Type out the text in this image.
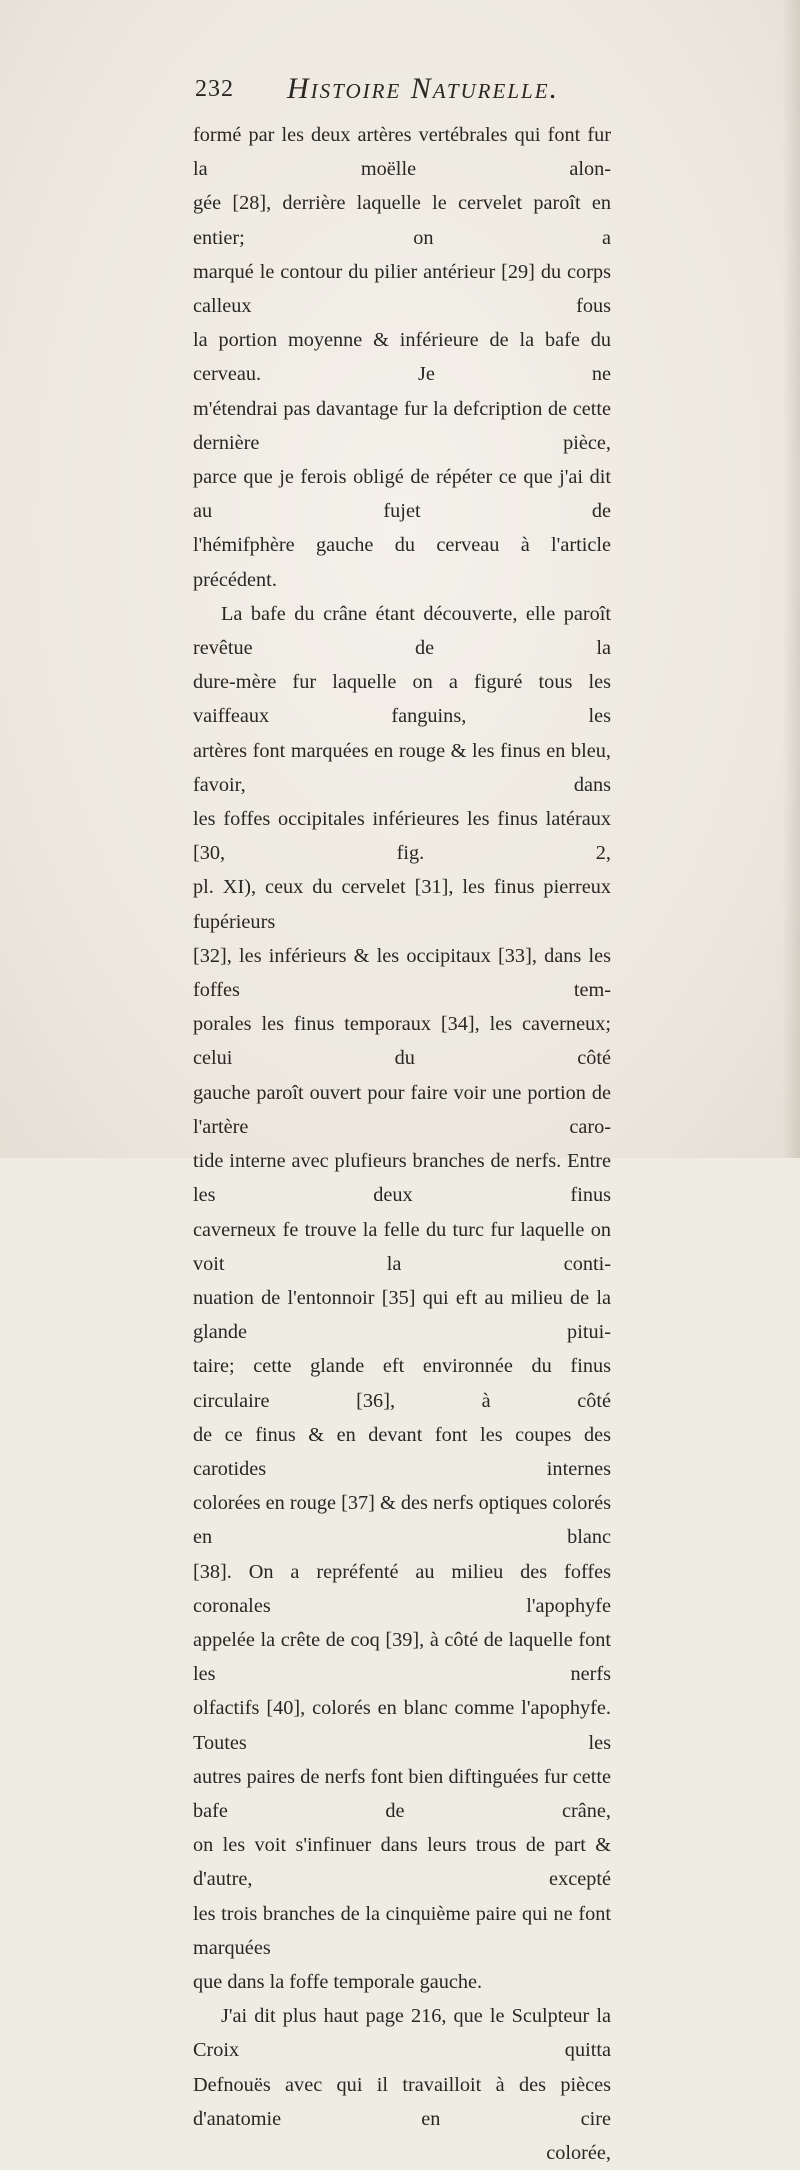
232 Histoire Naturelle.

formé par les deux artères vertébrales qui font fur la moëlle alon-

gée [28], derrière laquelle le cervelet paroît en entier; on a

marqué le contour du pilier antérieur [29] du corps calleux fous

la portion moyenne & inférieure de la bafe du cerveau. Je ne

m'étendrai pas davantage fur la defcription de cette dernière pièce,

parce que je ferois obligé de répéter ce que j'ai dit au fujet de

l'hémifphère gauche du cerveau à l'article précédent.

La bafe du crâne étant découverte, elle paroît revêtue de la

dure-mère fur laquelle on a figuré tous les vaiffeaux fanguins, les

artères font marquées en rouge & les finus en bleu, favoir, dans

les foffes occipitales inférieures les finus latéraux [30, fig. 2,

pl. XI), ceux du cervelet [31], les finus pierreux fupérieurs

[32], les inférieurs & les occipitaux [33], dans les foffes tem-

porales les finus temporaux [34], les caverneux; celui du côté

gauche paroît ouvert pour faire voir une portion de l'artère caro-

tide interne avec plufieurs branches de nerfs. Entre les deux finus

caverneux fe trouve la felle du turc fur laquelle on voit la conti-

nuation de l'entonnoir [35] qui eft au milieu de la glande pitui-

taire; cette glande eft environnée du finus circulaire [36], à côté

de ce finus & en devant font les coupes des carotides internes

colorées en rouge [37] & des nerfs optiques colorés en blanc

[38]. On a repréfenté au milieu des foffes coronales l'apophyfe

appelée la crête de coq [39], à côté de laquelle font les nerfs

olfactifs [40], colorés en blanc comme l'apophyfe. Toutes les

autres paires de nerfs font bien diftinguées fur cette bafe de crâne,

on les voit s'infinuer dans leurs trous de part & d'autre, excepté

les trois branches de la cinquième paire qui ne font marquées

que dans la foffe temporale gauche.

J'ai dit plus haut page 216, que le Sculpteur la Croix quitta

Defnouës avec qui il travailloit à des pièces d'anatomie en cire

colorée,
